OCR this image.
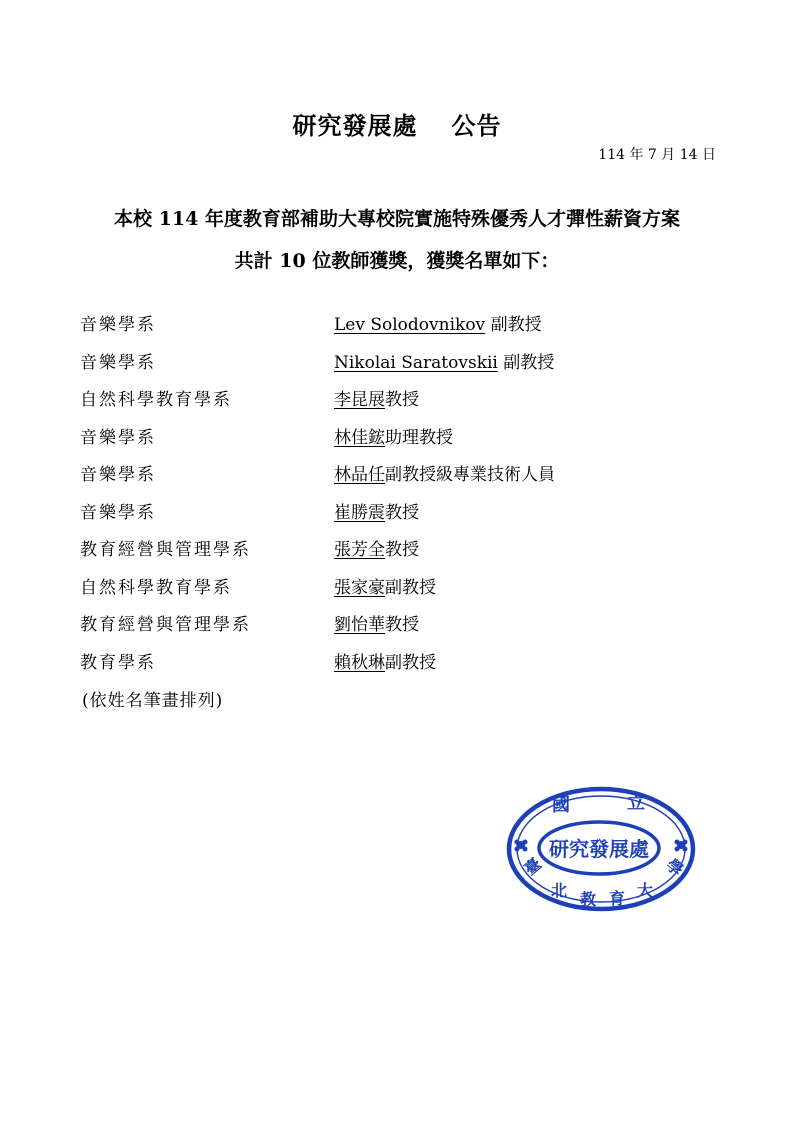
研究發展處 公告
114 年 7 月 14 日
本校 114 年度教育部補助大專校院實施特殊優秀人才彈性薪資方案
共計 10 位教師獲獎，獲獎名單如下：
音樂學系	Lev Solodovnikov 副教授
音樂學系	Nikolai Saratovskii 副教授
自然科學教育學系	李昆展教授
音樂學系	林佳鋐助理教授
音樂學系	林品任副教授級專業技術人員
音樂學系	崔勝震教授
教育經營與管理學系	張芳全教授
自然科學教育學系	張家豪副教授
教育經營與管理學系	劉怡華教授
教育學系	賴秋琳副教授
(依姓名筆畫排列)
國	立
研究發展處
臺
北 教 育 大
學
